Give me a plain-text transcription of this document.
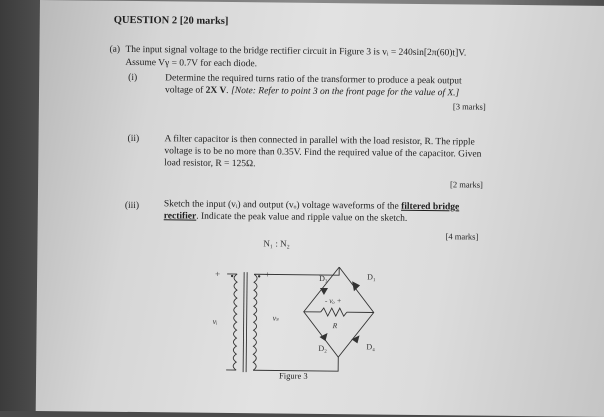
QUESTION 2 [20 marks]
(a) The input signal voltage to the bridge rectifier circuit in Figure 3 is vᵢ = 240sin[2π(60)t]V.
Assume Vγ = 0.7V for each diode.
(i)	Determine the required turns ratio of the transformer to produce a peak output
voltage of 2X V. [Note: Refer to point 3 on the front page for the value of X.]
[3 marks]
(ii)	A filter capacitor is then connected in parallel with the load resistor, R. The ripple
voltage is to be no more than 0.35V. Find the required value of the capacitor. Given
load resistor, R = 125Ω.
[2 marks]
(iii)	Sketch the input (vᵢ) and output (vₒ) voltage waveforms of the filtered bridge
rectifier. Indicate the peak value and ripple value on the sketch.
[4 marks]
N₁ : N₂
+	+
vᵢ	vₛ
D₃	D₁
D₂	D₄
- vₒ +
R
Figure 3
